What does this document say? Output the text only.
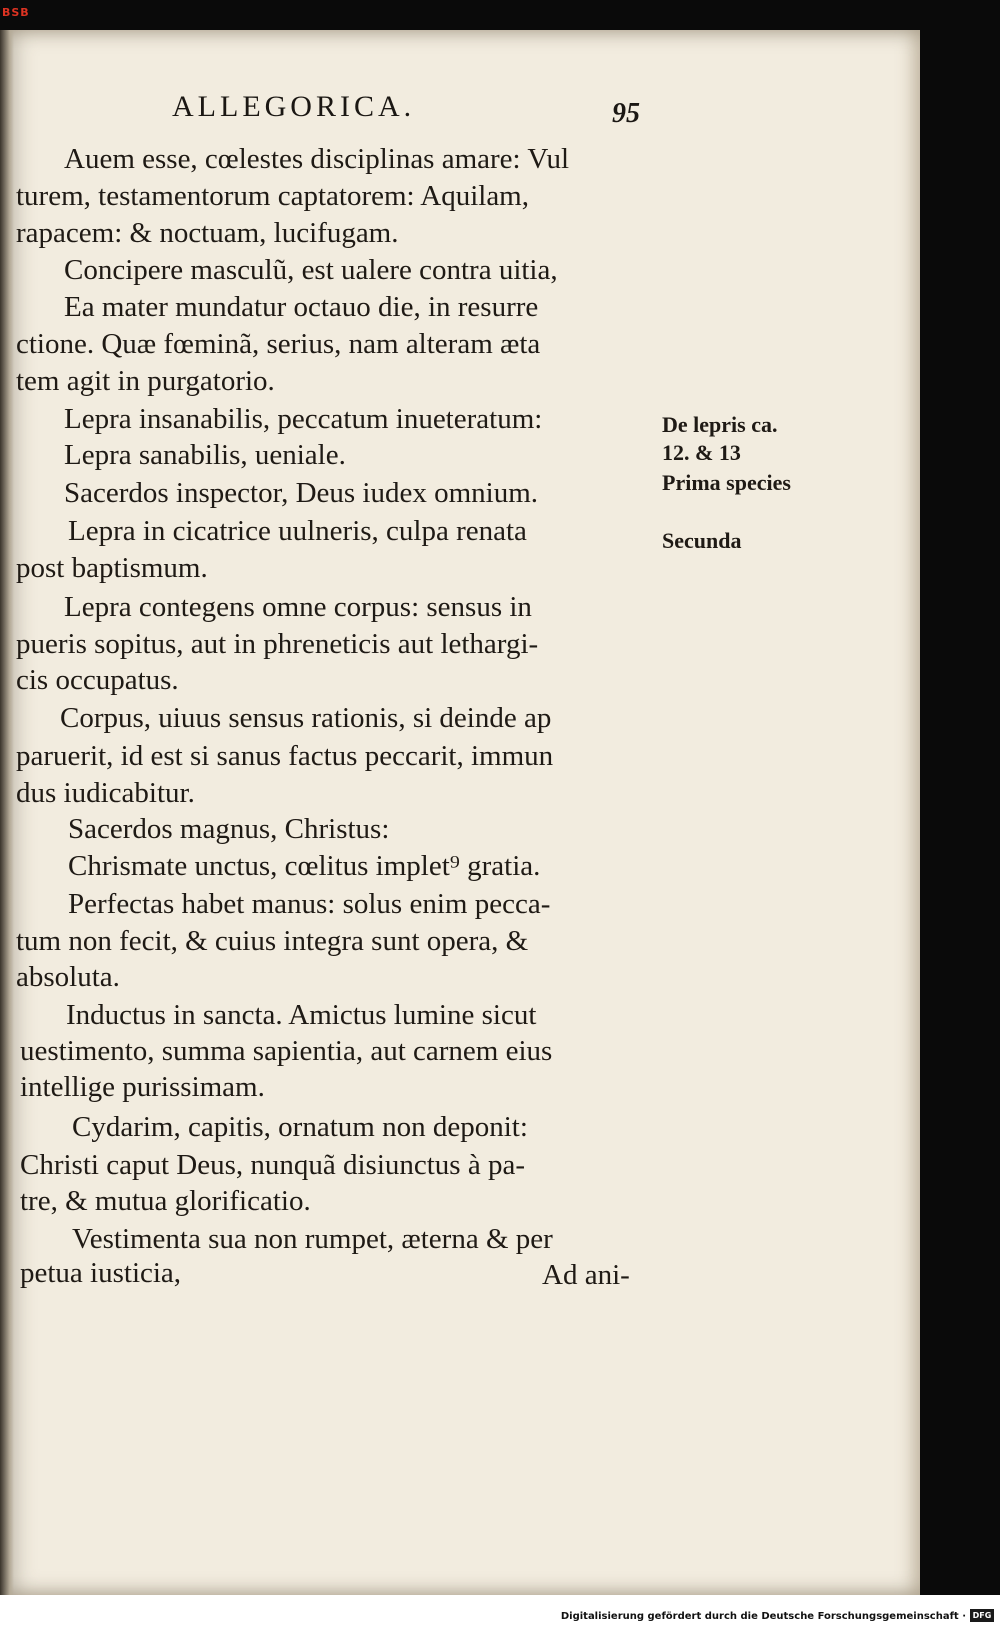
BSB
ALLEGORICA.	95
Auem esse, cœlestes disciplinas amare: Vul
turem, testamentorum captatorem: Aquilam,
rapacem: & noctuam, lucifugam.
Concipere masculũ, est ualere contra uitia,
Ea mater mundatur octauo die, in resurre
ctione. Quæ fœminã, serius, nam alteram æta
tem agit in purgatorio.
Lepra insanabilis, peccatum inueteratum:
Lepra sanabilis, ueniale.
Sacerdos inspector, Deus iudex omnium.
Lepra in cicatrice uulneris, culpa renata
post baptismum.
Lepra contegens omne corpus: sensus in
pueris sopitus, aut in phreneticis aut lethargi-
cis occupatus.
Corpus, uiuus sensus rationis, si deinde ap
paruerit, id est si sanus factus peccarit, immun
dus iudicabitur.
Sacerdos magnus, Christus:
Chrismate unctus, cœlitus implet⁹ gratia.
Perfectas habet manus: solus enim pecca-
tum non fecit, & cuius integra sunt opera, &
absoluta.
Inductus in sancta. Amictus lumine sicut
uestimento, summa sapientia, aut carnem eius
intellige purissimam.
Cydarim, capitis, ornatum non deponit:
Christi caput Deus, nunquã disiunctus à pa-
tre, & mutua glorificatio.
Vestimenta sua non rumpet, æterna & per
petua iusticia,	Ad ani-
De lepris ca.
12. & 13
Prima species
Secunda
Digitalisierung gefördert durch die Deutsche Forschungsgemeinschaft · DFG
